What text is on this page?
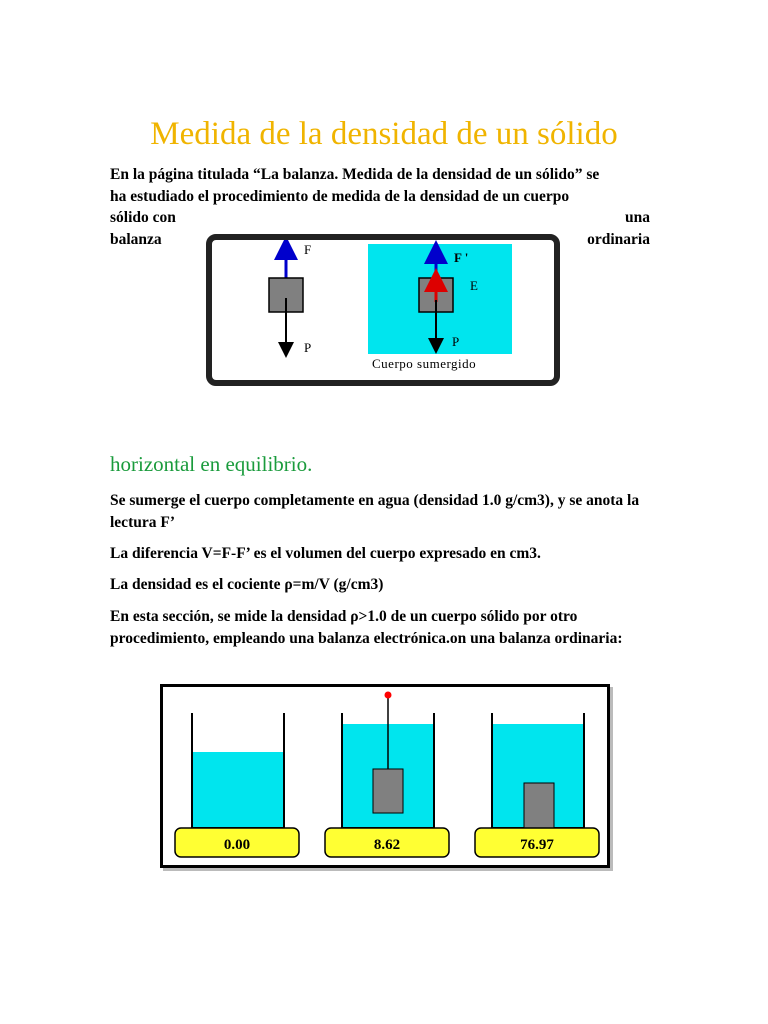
Medida de la densidad de un sólido
En la página titulada “La balanza. Medida de la densidad de un sólido” se
ha estudiado el procedimiento de medida de la densidad de un cuerpo
sólido con	una
balanza	ordinaria
F
P
F '
E
P
Cuerpo sumergido
horizontal en equilibrio.
Se sumerge el cuerpo completamente en agua (densidad 1.0 g/cm3), y se anota la lectura F’
La diferencia V=F-F’ es el volumen del cuerpo expresado en cm3.
La densidad es el cociente ρ=m/V (g/cm3)
En esta sección, se mide la densidad ρ>1.0 de un cuerpo sólido por otro procedimiento, empleando una balanza electrónica.on una balanza ordinaria:
0.00	8.62	76.97
